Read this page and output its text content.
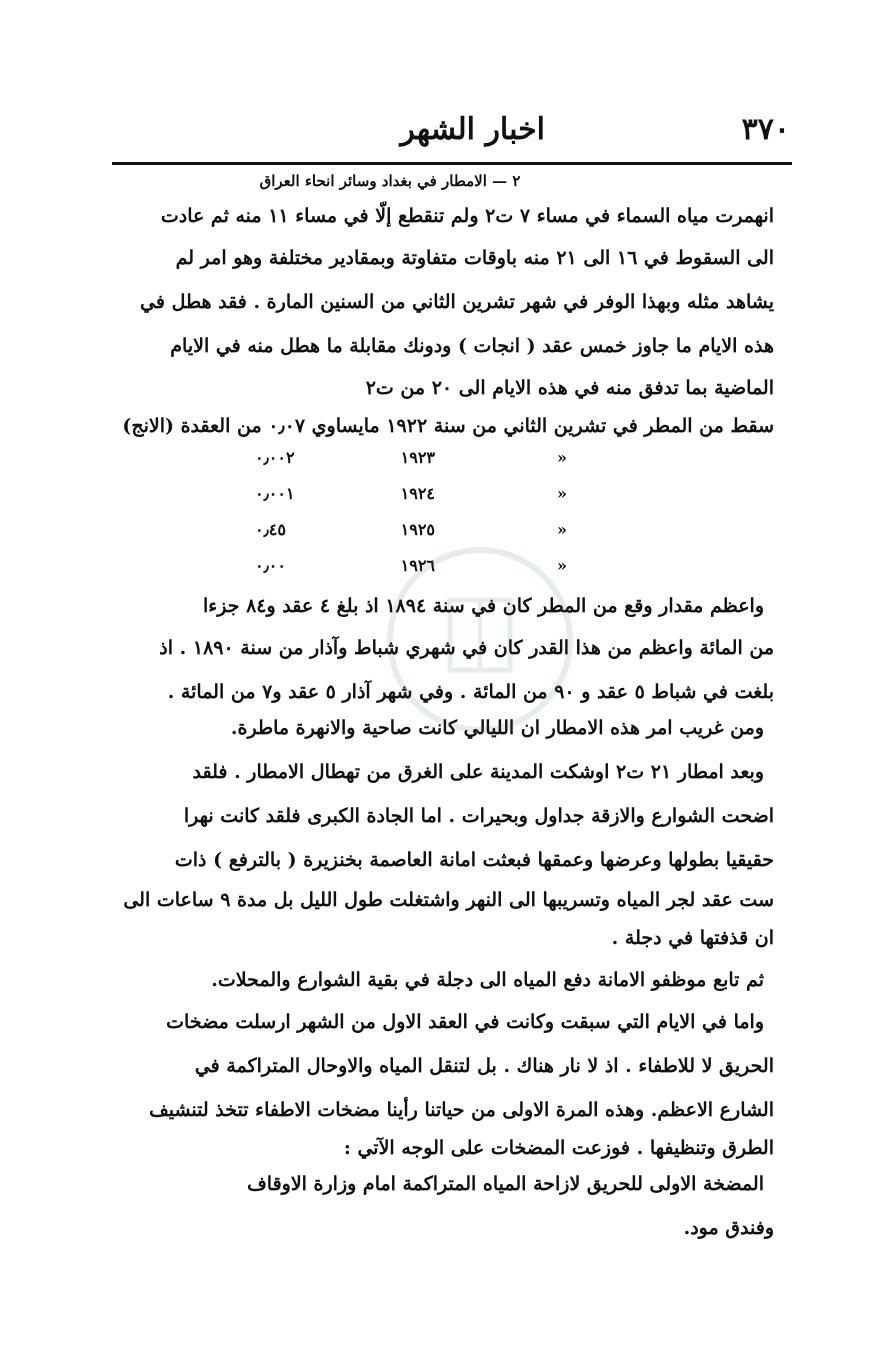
٣٧٠
اخبار الشهر
٢ — الامطار في بغداد وسائر انحاء العراق
انهمرت مياه السماء في مساء ٧ ت٢ ولم تنقطع إلّا في مساء ١١ منه ثم عادت
الى السقوط في ١٦ الى ٢١ منه باوقات متفاوتة وبمقادير مختلفة وهو امر لم
يشاهد مثله وبهذا الوفر في شهر تشرين الثاني من السنين المارة . فقد هطل في
هذه الايام ما جاوز خمس عقد ( انجات ) ودونك مقابلة ما هطل منه في الايام
الماضية بما تدفق منه في هذه الايام الى ٢٠ من ت٢
سقط من المطر في تشرين الثاني من سنة ١٩٢٢ مايساوي ٠٫٠٧ من العقدة (الانج)
«
١٩٢٣
٠٫٠٠٢
«
١٩٢٤
٠٫٠٠١
«
١٩٢٥
٠٫٤٥
«
١٩٢٦
٠٫٠٠
واعظم مقدار وقع من المطر كان في سنة ١٨٩٤ اذ بلغ ٤ عقد و٨٤ جزءا
من المائة واعظم من هذا القدر كان في شهري شباط وآذار من سنة ١٨٩٠ . اذ
بلغت في شباط ٥ عقد و ٩٠ من المائة . وفي شهر آذار ٥ عقد و٧ من المائة .
ومن غريب امر هذه الامطار ان الليالي كانت صاحية والانهرة ماطرة.
وبعد امطار ٢١ ت٢ اوشكت المدينة على الغرق من تهطال الامطار . فلقد
اضحت الشوارع والازقة جداول وبحيرات . اما الجادة الكبرى فلقد كانت نهرا
حقيقيا بطولها وعرضها وعمقها فبعثت امانة العاصمة بخنزيرة ( بالترفع ) ذات
ست عقد لجر المياه وتسريبها الى النهر واشتغلت طول الليل بل مدة ٩ ساعات الى
ان قذفتها في دجلة .
ثم تابع موظفو الامانة دفع المياه الى دجلة في بقية الشوارع والمحلات.
واما في الايام التي سبقت وكانت في العقد الاول من الشهر ارسلت مضخات
الحريق لا للاطفاء . اذ لا نار هناك . بل لتنقل المياه والاوحال المتراكمة في
الشارع الاعظم. وهذه المرة الاولى من حياتنا رأينا مضخات الاطفاء تتخذ لتنشيف
الطرق وتنظيفها . فوزعت المضخات على الوجه الآتي :
المضخة الاولى للحريق لازاحة المياه المتراكمة امام وزارة الاوقاف
وفندق مود.
